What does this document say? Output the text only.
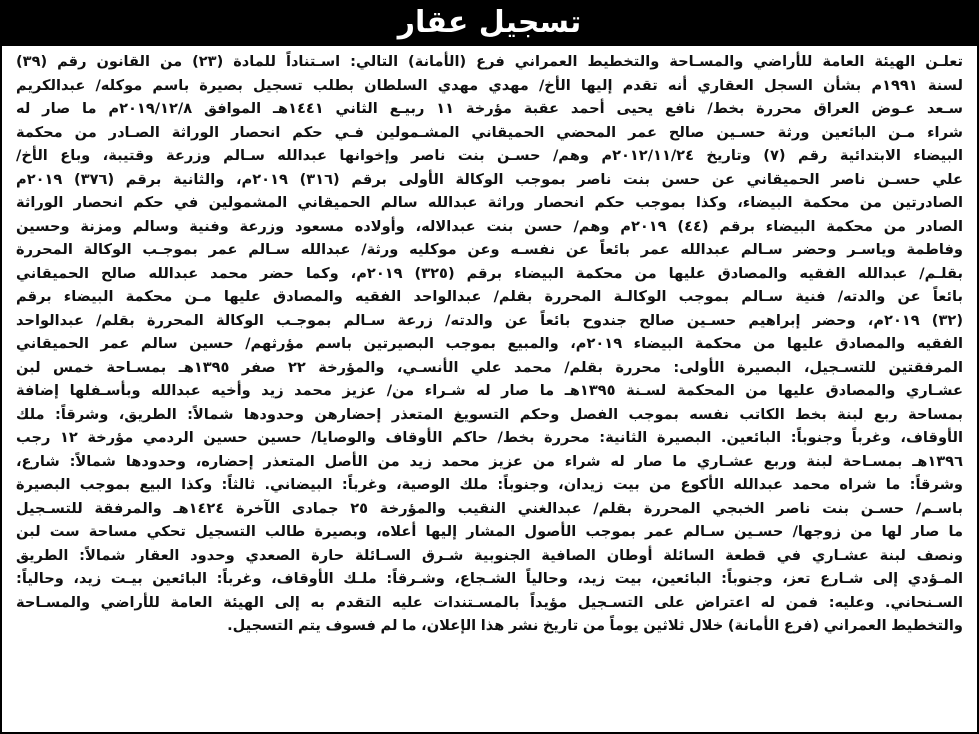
تسجيل عقار
تعلـن الهيئة العامة للأراضي والمسـاحة والتخطيط العمراني فرع (الأمانة) التالي: اسـتناداً للمادة (٢٣) من القانون رقم (٣٩)
لسنة ١٩٩١م بشأن السجل العقاري أنه تقدم إليها الأخ/ مهدي مهدي السلطان بطلب تسجيل بصيرة باسم موكله/ عبدالكريم
سـعد عـوض العراق محررة بخط/ نافع يحيى أحمد عقبة مؤرخة ١١ ربيـع الثاني ١٤٤١هـ الموافق ٢٠١٩/١٢/٨م ما صار له
شراء مـن البائعين ورثة حسـين صالح عمر المحضي الحميقاني المشـمولين فـي حكم انحصار الوراثة الصـادر من محكمة
البيضاء الابتدائية رقم (٧) وتاريخ ٢٠١٢/١١/٢٤م وهم/ حسـن بنت ناصر وإخوانها عبدالله سـالم وزرعة وقتيبة، وباع الأخ/
علي حسـن ناصر الحميقاني عن حسن بنت ناصر بموجب الوكالة الأولى برقم (٣١٦) ٢٠١٩م، والثانية برقم (٣٧٦) ٢٠١٩م
الصادرتين من محكمة البيضاء، وكذا بموجب حكم انحصار وراثة عبدالله سالم الحميقاني المشمولين في حكم انحصار الوراثة
الصادر من محكمة البيضاء برقم (٤٤) ٢٠١٩م وهم/ حسن بنت عبدالاله، وأولاده مسعود وزرعة وفنية وسالم ومزنة وحسين
وفاطمة وياسـر وحضر سـالم عبدالله عمر بائعاً عن نفسـه وعن موكليه ورثة/ عبدالله سـالم عمر بموجـب الوكالة المحررة
بقلـم/ عبدالله الفقيه والمصادق عليها من محكمة البيضاء برقم (٣٢٥) ٢٠١٩م، وكما حضر محمد عبدالله صالح الحميقاني
بائعاً عن والدته/ فنية سـالم بموجب الوكالـة المحررة بقلم/ عبدالواحد الفقيه والمصادق عليها مـن محكمة البيضاء برقم
(٣٢) ٢٠١٩م، وحضر إبراهيم حسـين صالح جندوح بائعاً عن والدته/ زرعة سـالم بموجـب الوكالة المحررة بقلم/ عبدالواحد
الفقيه والمصادق عليها من محكمة البيضاء ٢٠١٩م، والمبيع بموجب البصيرتين باسم مؤرثهم/ حسين سالم عمر الحميقاني
المرفقتين للتسـجيل، البصيرة الأولى: محررة بقلم/ محمد علي الأنسـي، والمؤرخة ٢٢ صفر ١٣٩٥هـ بمسـاحة خمس لبن
عشـاري والمصادق عليها من المحكمة لسـنة ١٣٩٥هـ ما صار له شـراء من/ عزيز محمد زيد وأخيه عبدالله وبأسـفلها إضافة
بمساحة ربع لبنة بخط الكاتب نفسه بموجب الفصل وحكم التسويغ المتعذر إحضارهن وحدودها شمالاً: الطريق، وشرقاً: ملك
الأوقاف، وغرباً وجنوباً: البائعين. البصيرة الثانية: محررة بخط/ حاكم الأوقاف والوصايا/ حسين حسين الردمي مؤرخة ١٢ رجب
١٣٩٦هـ بمسـاحة لبنة وربع عشـاري ما صار له شراء من عزيز محمد زيد من الأصل المتعذر إحضاره، وحدودها شمالاً: شارع،
وشرقاً: ما شراه محمد عبدالله الأكوع من بيت زيدان، وجنوباً: ملك الوصية، وغرباً: البيضاني. ثالثاً: وكذا البيع بموجب البصيرة
باسـم/ حسـن بنت ناصر الخبجي المحررة بقلم/ عبدالغني النقيب والمؤرخة ٢٥ جمادى الآخرة ١٤٢٤هـ والمرفقة للتسـجيل
ما صار لها من زوجها/ حسـين سـالم عمر بموجب الأصول المشار إليها أعلاه، وبصيرة طالب التسجيل تحكي مساحة ست لبن
ونصف لبنة عشـاري في قطعة السائلة أوطان الصافية الجنوبية شـرق السـائلة حارة الصعدي وحدود العقار شمالاً: الطريق
المـؤدي إلى شـارع تعز، وجنوباً: البائعين، بيت زيد، وحالياً الشـجاع، وشـرقاً: ملـك الأوقاف، وغرباً: البائعين بيـت زيد، وحالياً:
السـنحاني. وعليه: فمن له اعتراض على التسـجيل مؤيداً بالمسـتندات عليه التقدم به إلى الهيئة العامة للأراضي والمسـاحة
والتخطيط العمراني (فرع الأمانة) خلال ثلاثين يوماً من تاريخ نشر هذا الإعلان، ما لم فسوف يتم التسجيل.
